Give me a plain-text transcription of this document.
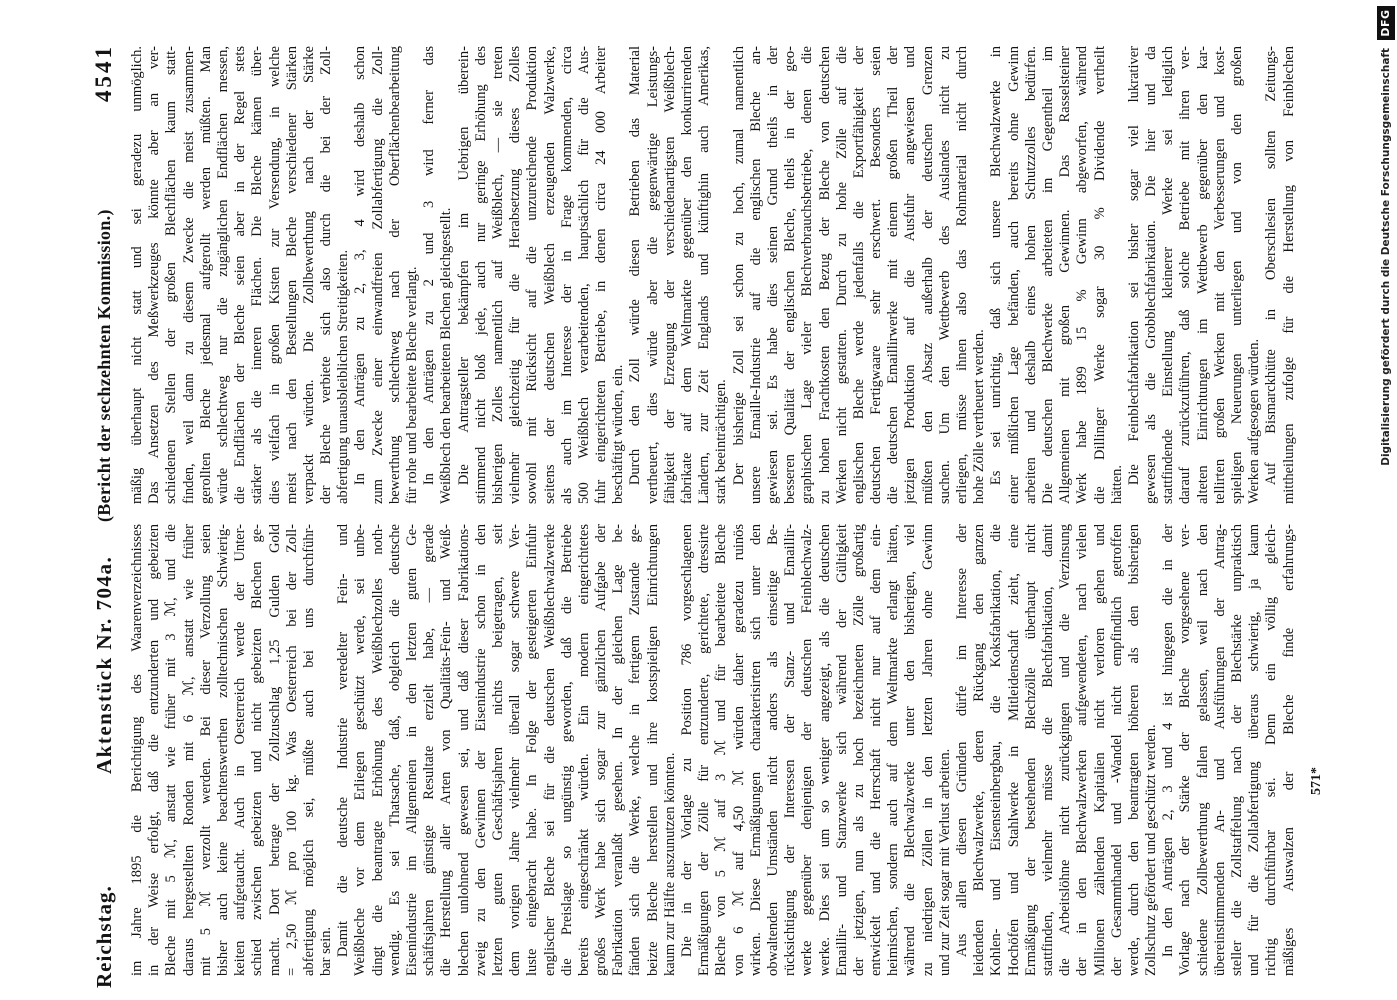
Reichstag.
Aktenstück Nr. 704a.
(Bericht der sechzehnten Kommission.)
4541
im Jahre 1895 die Berichtigung des Waarenverzeichnisses in der Weise erfolgt, daß die entzunderten und gebeizten Bleche mit 5 ℳ, anstatt wie früher mit 3 ℳ, und die daraus hergestellten Ronden mit 6 ℳ, anstatt wie früher mit 5 ℳ verzollt werden. Bei dieser Verzollung seien bisher auch keine beachtenswerthen zolltechnischen Schwierig- keiten aufgetaucht. Auch in Oesterreich werde der Unter- schied zwischen gebeizten und nicht gebeizten Blechen ge- macht. Dort betrage der Zollzuschlag 1,25 Gulden Gold = 2,50 ℳ pro 100 kg. Was Oesterreich bei der Zoll- abfertigung möglich sei, müßte auch bei uns durchführ- bar sein. Damit die deutsche Industrie veredelter Fein- und Weißbleche vor dem Erliegen geschützt werde, sei unbe- dingt die beantragte Erhöhung des Weißblechzolles noth- wendig. Es sei Thatsache, daß, obgleich die deutsche Eisenindustrie im Allgemeinen in den letzten guten Ge- schäftsjahren günstige Resultate erzielt habe, — gerade die Herstellung aller Arten von Qualitäts-Fein- und Weiß- blechen unlohnend gewesen sei, und daß dieser Fabrikations- zweig zu den Gewinnen der Eisenindustrie schon in den letzten guten Geschäftsjahren nichts beigetragen, seit dem vorigen Jahre vielmehr überall sogar schwere Ver- luste eingebracht habe. In Folge der gesteigerten Einfuhr englischer Bleche sei für die deutschen Weißblechwalzwerke die Preislage so ungünstig geworden, daß die Betriebe bereits eingeschränkt würden. Ein modern eingerichtetes großes Werk habe sich sogar zur gänzlichen Aufgabe der Fabrikation veranlaßt gesehen. In der gleichen Lage be- fänden sich die Werke, welche in fertigem Zustande ge- beizte Bleche herstellen und ihre kostspieligen Einrichtungen kaum zur Hälfte auszunutzen könnten. Die in der Vorlage zu Position 786 vorgeschlagenen Ermäßigungen der Zölle für entzunderte, gerichtete, dressirte Bleche von 5 ℳ auf 3 ℳ und für bearbeitete Bleche von 6 ℳ auf 4,50 ℳ würden daher geradezu ruinös wirken. Diese Ermäßigungen charakterisirten sich unter den obwaltenden Umständen nicht anders als einseitige Be- rücksichtigung der Interessen der Stanz- und Emaillir- werke gegenüber denjenigen der deutschen Feinblechwalz- werke. Dies sei um so weniger angezeigt, als die deutschen Emaillir- und Stanzwerke sich während der Gültigkeit der jetzigen, nun als zu hoch bezeichneten Zölle großartig entwickelt und die Herrschaft nicht nur auf dem ein- heimischen, sondern auch auf dem Weltmarkte erlangt hätten, während die Blechwalzwerke unter den bisherigen, viel zu niedrigen Zöllen in den letzten Jahren ohne Gewinn und zur Zeit sogar mit Verlust arbeiten. Aus allen diesen Gründen dürfe im Interesse der leidenden Blechwalzwerke, deren Rückgang den ganzen Kohlen- und Eisensteinbergbau, die Koksfabrikation, die Hochöfen und Stahlwerke in Mitleidenschaft zieht, eine Ermäßigung der bestehenden Blechzölle überhaupt nicht stattfinden, vielmehr müsse die Blechfabrikation, damit die Arbeitslöhne nicht zurückgingen und die Verzinsung der in den Blechwalzwerken aufgewendeten, nach vielen Millionen zählenden Kapitalien nicht verloren gehen und der Gesammthandel und -Wandel nicht empfindlich getroffen werde, durch den beantragten höheren als den bisherigen Zollschutz gefördert und geschützt werden. In den Anträgen 2, 3 und 4 ist hingegen die in der Vorlage nach der Stärke der Bleche vorgesehene ver- schiedene Zollbewerthung fallen gelassen, weil nach den übereinstimmenden An- und Ausführungen der Antrag- steller die Zollstaffelung nach der Blechstärke unpraktisch und für die Zollabfertigung überaus schwierig, ja kaum richtig durchführbar sei. Denn ein völlig gleich- mäßiges Auswalzen der Bleche finde erfahrungs-
mäßig überhaupt nicht statt und sei geradezu unmöglich. Das Ansetzen des Meßwerkzeuges könnte aber an ver- schiedenen Stellen der großen Blechflächen kaum statt- finden, weil dann zu diesem Zwecke die meist zusammen- gerollten Bleche jedesmal aufgerollt werden müßten. Man würde schlechtweg nur die zugänglichen Endflächen messen, die Endflächen der Bleche seien aber in der Regel stets stärker als die inneren Flächen. Die Bleche kämen über- dies vielfach in großen Kisten zur Versendung, in welche meist nach den Bestellungen Bleche verschiedener Stärken verpackt würden. Die Zollbewerthung nach der Stärke der Bleche verbiete sich also durch die bei der Zoll- abfertigung unausbleiblichen Streitigkeiten. In den Anträgen zu 2, 3, 4 wird deshalb schon zum Zwecke einer einwandfreien Zollabfertigung die Zoll- bewerthung schlechtweg nach der Oberflächenbearbeitung für rohe und bearbeitete Bleche verlangt. In den Anträgen zu 2 und 3 wird ferner das Weißblech den bearbeiteten Blechen gleichgestellt. Die Antragsteller bekämpfen im Uebrigen überein- stimmend nicht bloß jede, auch nur geringe Erhöhung des bisherigen Zolles namentlich auf Weißblech, — sie treten vielmehr gleichzeitig für die Herabsetzung dieses Zolles sowohl mit Rücksicht auf die unzureichende Produktion seitens der deutschen Weißblech erzeugenden Walzwerke, als auch im Interesse der in Frage kommenden, circa 500 Weißblech verarbeitenden, hauptsächlich für die Aus- fuhr eingerichteten Betriebe, in denen circa 24 000 Arbeiter beschäftigt würden, ein. Durch den Zoll würde diesen Betrieben das Material vertheuert, dies würde aber die gegenwärtige Leistungs- fähigkeit der Erzeugung der verschiedenartigsten Weißblech- fabrikate auf dem Weltmarkte gegenüber den konkurrirenden Ländern, zur Zeit Englands und künftighin auch Amerikas, stark beeinträchtigen. Der bisherige Zoll sei schon zu hoch, zumal namentlich unsere Emaille-Industrie auf die englischen Bleche an- gewiesen sei. Es habe dies seinen Grund theils in der besseren Qualität der englischen Bleche, theils in der geo- graphischen Lage vieler Blechverbrauchsbetriebe, denen die zu hohen Frachtkosten den Bezug der Bleche von deutschen Werken nicht gestatten. Durch zu hohe Zölle auf die englischen Bleche werde jedenfalls die Exportfähigkeit der deutschen Fertigwaare sehr erschwert. Besonders seien die deutschen Emaillirwerke mit einem großen Theil der jetzigen Produktion auf die Ausfuhr angewiesen und müßten den Absatz außerhalb der deutschen Grenzen suchen. Um den Wettbewerb des Auslandes nicht zu erliegen, müsse ihnen also das Rohmaterial nicht durch hohe Zölle vertheuert werden. Es sei unrichtig, daß sich unsere Blechwalzwerke in einer mißlichen Lage befänden, auch bereits ohne Gewinn arbeiten und deshalb eines hohen Schutzzolles bedürfen. Die deutschen Blechwerke arbeiteten im Gegentheil im Allgemeinen mit großen Gewinnen. Das Rasselsteiner Werk habe 1899 15 % Gewinn abgeworfen, während die Dillinger Werke sogar 30 % Dividende vertheilt hätten. Die Feinblechfabrikation sei bisher sogar viel lukrativer gewesen als die Grobblechfabrikation. Die hier und da stattfindende Einstellung kleinerer Werke sei lediglich darauf zurückzuführen, daß solche Betriebe mit ihren ver- alteten Einrichtungen im Wettbewerb gegenüber den kar- tellirten großen Werken mit den Verbesserungen und kost- spieligen Neuerungen unterliegen und von den großen Werken aufgesogen würden. Auf Bismarckhütte in Oberschlesien sollten Zeitungs- mittheilungen zufolge für die Herstellung von Feinblechen
571*
Digitalisierung gefördert durch die Deutsche Forschungsgemeinschaft
DFG
